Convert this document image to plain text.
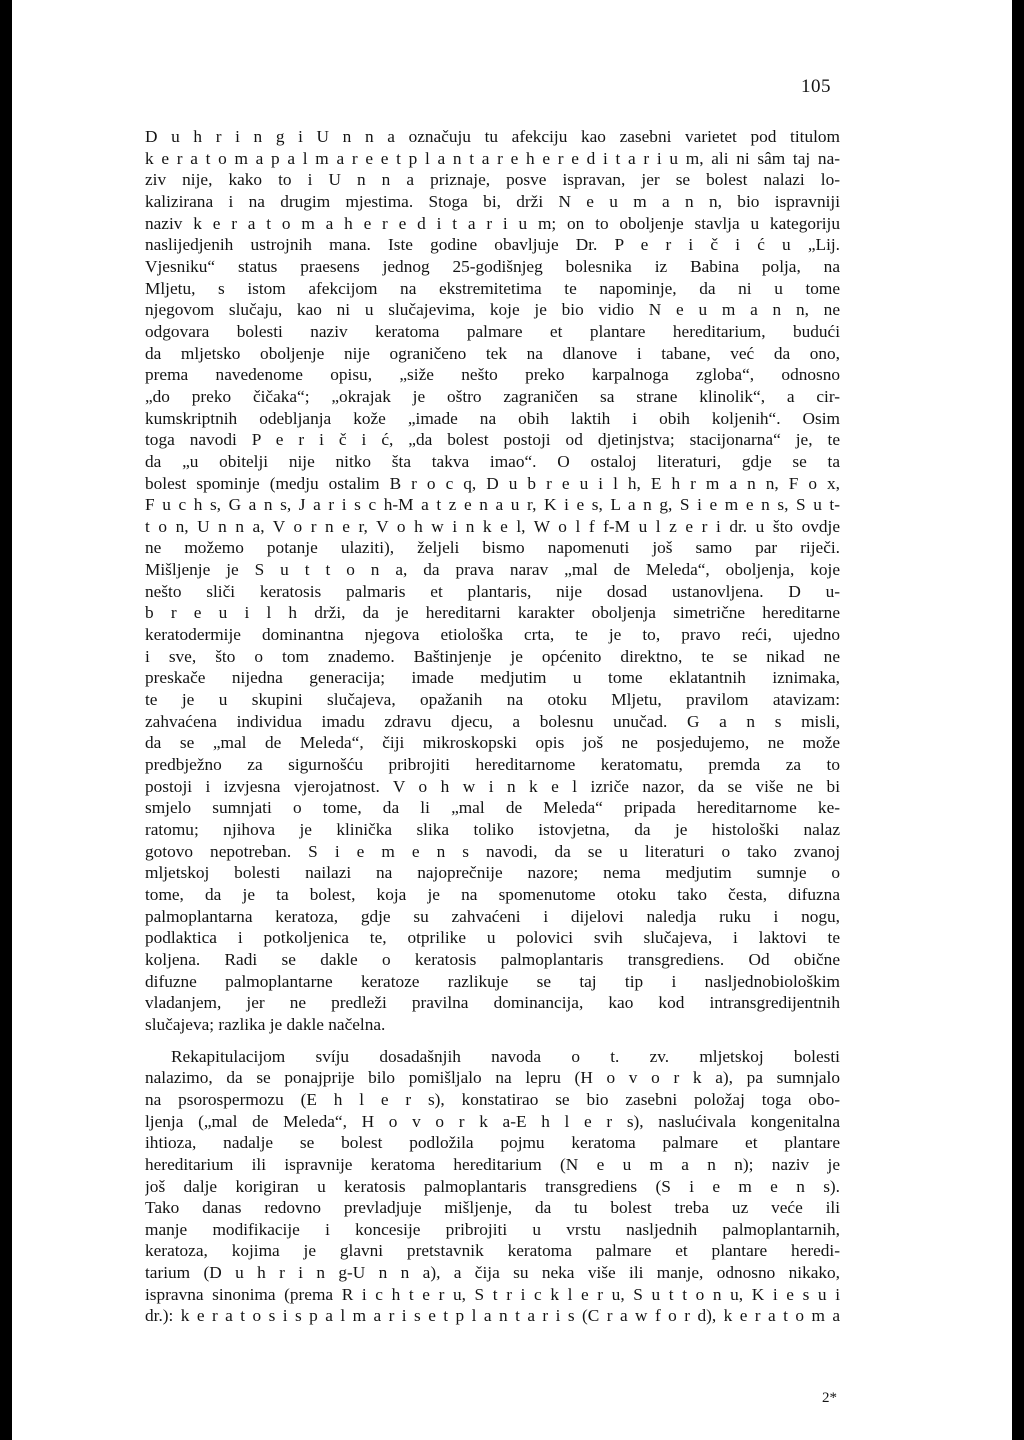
105
D u h r i n g i U n n a označuju tu afekciju kao zasebni varietet pod titulom
k e r a t o m a p a l m a r e e t p l a n t a r e h e r e d i t a r i u m, ali ni sâm taj na-
ziv nije, kako to i U n n a priznaje, posve ispravan, jer se bolest nalazi lo-
kalizirana i na drugim mjestima. Stoga bi, drži N e u m a n n, bio ispravniji
naziv k e r a t o m a h e r e d i t a r i u m; on to oboljenje stavlja u kategoriju
naslijedjenih ustrojnih mana. Iste godine obavljuje Dr. P e r i č i ć u „Lij.
Vjesniku“ status praesens jednog 25-godišnjeg bolesnika iz Babina polja, na
Mljetu, s istom afekcijom na ekstremitetima te napominje, da ni u tome
njegovom slučaju, kao ni u slučajevima, koje je bio vidio N e u m a n n, ne
odgovara bolesti naziv keratoma palmare et plantare hereditarium, budući
da mljetsko oboljenje nije ograničeno tek na dlanove i tabane, već da ono,
prema navedenome opisu, „siže nešto preko karpalnoga zgloba“, odnosno
„do preko čičaka“; „okrajak je oštro zagraničen sa strane klinolik“, a cir-
kumskriptnih odebljanja kože „imade na obih laktih i obih koljenih“. Osim
toga navodi P e r i č i ć, „da bolest postoji od djetinjstva; stacijonarna“ je, te
da „u obitelji nije nitko šta takva imao“. O ostaloj literaturi, gdje se ta
bolest spominje (medju ostalim B r o c q, D u b r e u i l h, E h r m a n n, F o x,
F u c h s, G a n s, J a r i s c h-M a t z e n a u r, K i e s, L a n g, S i e m e n s, S u t-
t o n, U n n a, V o r n e r, V o h w i n k e l, W o l f f-M u l z e r i dr. u što ovdje
ne možemo potanje ulaziti), željeli bismo napomenuti još samo par riječi.
Mišljenje je S u t t o n a, da prava narav „mal de Meleda“, oboljenja, koje
nešto sliči keratosis palmaris et plantaris, nije dosad ustanovljena. D u-
b r e u i l h drži, da je hereditarni karakter oboljenja simetrične hereditarne
keratodermije dominantna njegova etiološka crta, te je to, pravo reći, ujedno
i sve, što o tom znademo. Baštinjenje je općenito direktno, te se nikad ne
preskače nijedna generacija; imade medjutim u tome eklatantnih iznimaka,
te je u skupini slučajeva, opažanih na otoku Mljetu, pravilom atavizam:
zahvaćena individua imadu zdravu djecu, a bolesnu unučad. G a n s misli,
da se „mal de Meleda“, čiji mikroskopski opis još ne posjedujemo, ne može
predbježno za sigurnošću pribrojiti hereditarnome keratomatu, premda za to
postoji i izvjesna vjerojatnost. V o h w i n k e l izriče nazor, da se više ne bi
smjelo sumnjati o tome, da li „mal de Meleda“ pripada hereditarnome ke-
ratomu; njihova je klinička slika toliko istovjetna, da je histološki nalaz
gotovo nepotreban. S i e m e n s navodi, da se u literaturi o tako zvanoj
mljetskoj bolesti nailazi na najoprečnije nazore; nema medjutim sumnje o
tome, da je ta bolest, koja je na spomenutome otoku tako česta, difuzna
palmoplantarna keratoza, gdje su zahvaćeni i dijelovi naledja ruku i nogu,
podlaktica i potkoljenica te, otprilike u polovici svih slučajeva, i laktovi te
koljena. Radi se dakle o keratosis palmoplantaris transgrediens. Od obične
difuzne palmoplantarne keratoze razlikuje se taj tip i nasljednobiološkim
vladanjem, jer ne predleži pravilna dominancija, kao kod intransgredijentnih
slučajeva; razlika je dakle načelna.
Rekapitulacijom svíju dosadašnjih navoda o t. zv. mljetskoj bolesti
nalazimo, da se ponajprije bilo pomišljalo na lepru (H o v o r k a), pa sumnjalo
na psorospermozu (E h l e r s), konstatirao se bio zasebni položaj toga obo-
ljenja („mal de Meleda“, H o v o r k a-E h l e r s), naslućivala kongenitalna
ihtioza, nadalje se bolest podložila pojmu keratoma palmare et plantare
hereditarium ili ispravnije keratoma hereditarium (N e u m a n n); naziv je
još dalje korigiran u keratosis palmoplantaris transgrediens (S i e m e n s).
Tako danas redovno prevladjuje mišljenje, da tu bolest treba uz veće ili
manje modifikacije i koncesije pribrojiti u vrstu nasljednih palmoplantarnih,
keratoza, kojima je glavni pretstavnik keratoma palmare et plantare heredi-
tarium (D u h r i n g-U n n a), a čija su neka više ili manje, odnosno nikako,
ispravna sinonima (prema R i c h t e r u, S t r i c k l e r u, S u t t o n u, K i e s u i
dr.): k e r a t o s i s p a l m a r i s e t p l a n t a r i s (C r a w f o r d), k e r a t o m a
2*
